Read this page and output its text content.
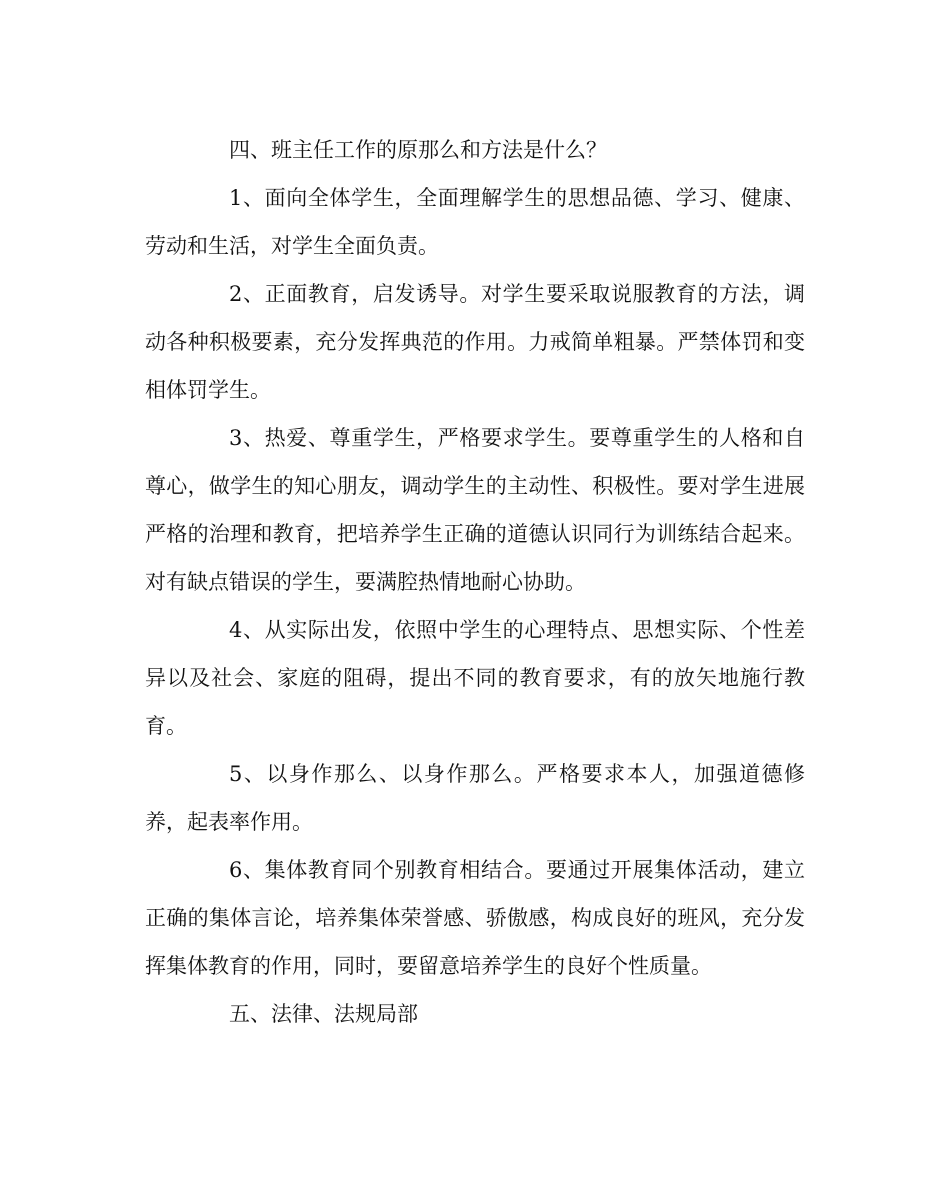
四、班主任工作的原那么和方法是什么？

1、面向全体学生，全面理解学生的思想品德、学习、健康、劳动和生活，对学生全面负责。

2、正面教育，启发诱导。对学生要采取说服教育的方法，调动各种积极要素，充分发挥典范的作用。力戒简单粗暴。严禁体罚和变相体罚学生。

3、热爱、尊重学生，严格要求学生。要尊重学生的人格和自尊心，做学生的知心朋友，调动学生的主动性、积极性。要对学生进展严格的治理和教育，把培养学生正确的道德认识同行为训练结合起来。对有缺点错误的学生，要满腔热情地耐心协助。

4、从实际出发，依照中学生的心理特点、思想实际、个性差异以及社会、家庭的阻碍，提出不同的教育要求，有的放矢地施行教育。

5、以身作那么、以身作那么。严格要求本人，加强道德修养，起表率作用。

6、集体教育同个别教育相结合。要通过开展集体活动，建立正确的集体言论，培养集体荣誉感、骄傲感，构成良好的班风，充分发挥集体教育的作用，同时，要留意培养学生的良好个性质量。

五、法律、法规局部
